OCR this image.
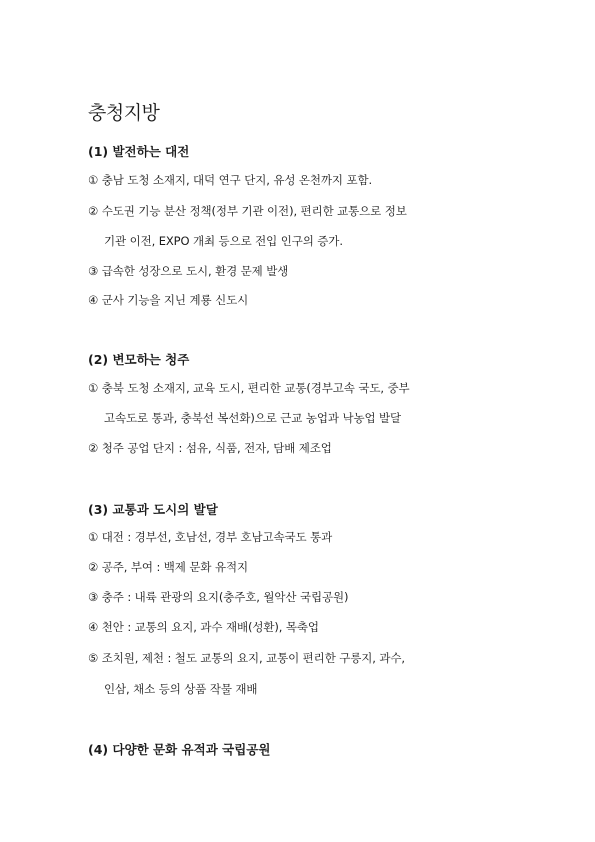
충청지방
(1) 발전하는 대전
① 충남 도청 소재지, 대덕 연구 단지, 유성 온천까지 포함.
② 수도권 기능 분산 정책(정부 기관 이전), 편리한 교통으로 정보
기관 이전, EXPO 개최 등으로 전입 인구의 증가.
③ 급속한 성장으로 도시, 환경 문제 발생
④ 군사 기능을 지닌 계룡 신도시
(2) 변모하는 청주
① 충북 도청 소재지, 교육 도시, 편리한 교통(경부고속 국도, 중부
고속도로 통과, 충북선 복선화)으로 근교 농업과 낙농업 발달
② 청주 공업 단지 : 섬유, 식품, 전자, 담배 제조업
(3) 교통과 도시의 발달
① 대전 : 경부선, 호남선, 경부 호남고속국도 통과
② 공주, 부여 : 백제 문화 유적지
③ 충주 : 내륙 관광의 요지(충주호, 월악산 국립공원)
④ 천안 : 교통의 요지, 과수 재배(성환), 목축업
⑤ 조치원, 제천 : 철도 교통의 요지, 교통이 편리한 구릉지, 과수,
인삼, 채소 등의 상품 작물 재배
(4) 다양한 문화 유적과 국립공원
